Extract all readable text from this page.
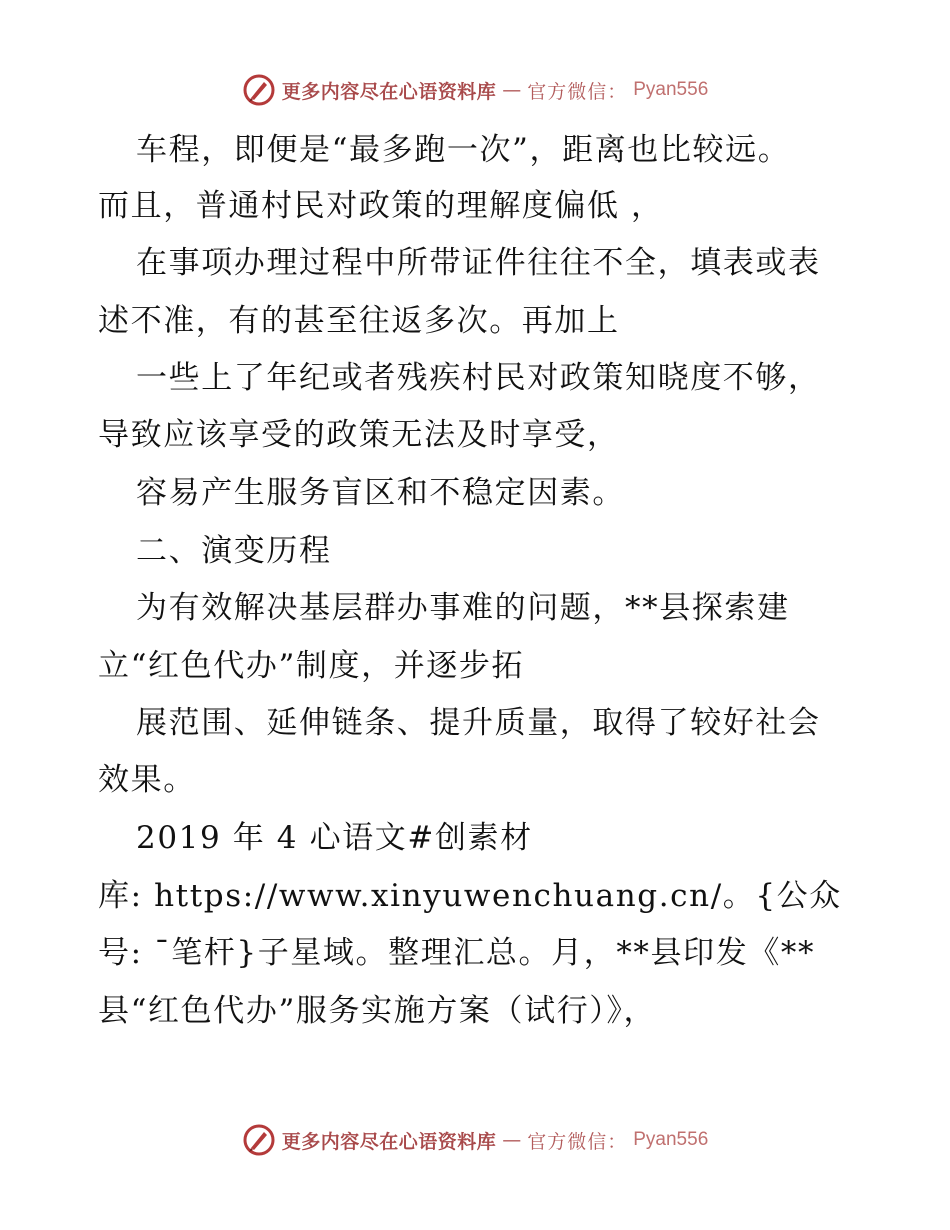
更多内容尽在心语资料库 — 官方微信： Pyan556
车程，即便是“最多跑一次”，距离也比较远。
而且，普通村民对政策的理解度偏低 ，
在事项办理过程中所带证件往往不全，填表或表
述不准，有的甚至往返多次。再加上
一些上了年纪或者残疾村民对政策知晓度不够，
导致应该享受的政策无法及时享受，
容易产生服务盲区和不稳定因素。
二、演变历程
为有效解决基层群办事难的问题，**县探索建
立“红色代办”制度，并逐步拓
展范围、延伸链条、提升质量，取得了较好社会
效果。
2019 年 4 心语文#创素材
库: https://www.xinyuwenchuang.cn/。{公众
号: ¯笔杆}子星域。整理汇总。月，**县印发《**
县“红色代办”服务实施方案（试行）》，
更多内容尽在心语资料库 — 官方微信： Pyan556
